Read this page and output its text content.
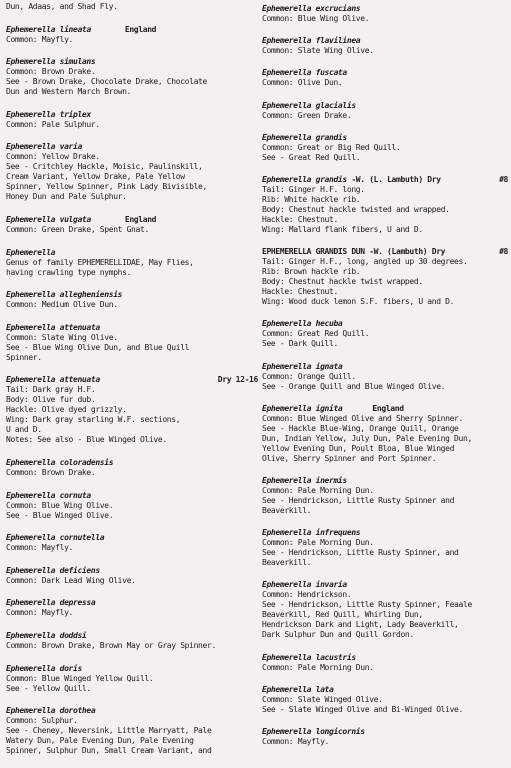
Dun, Adaas, and Shad Fly.
Ephemerella lineata	England
Common: Mayfly.
Ephemerella simulans
Common: Brown Drake.
See - Brown Drake, Chocolate Drake, Chocolate
Dun and Western March Brown.
Ephemerella triplex
Common: Pale Sulphur.
Ephemerella varia
Common: Yellow Drake.
See - Critchley Hackle, Moisic, Paulinskill,
Cream Variant, Yellow Drake, Pale Yellow
Spinner, Yellow Spinner, Pink Lady Bivisible,
Honey Dun and Pale Sulphur.
Ephemerella vulgata	England
Common: Green Drake, Spent Gnat.
Ephemerella
Genus of family EPHEMERELLIDAE, May Flies,
having crawling type nymphs.
Ephemerella allegheniensis
Common: Medium Olive Dun.
Ephemerella attenuata
Common: Slate Wing Olive.
See - Blue Wing Olive Dun, and Blue Quill
Spinner.
Ephemerella attenuata	Dry 12-16
Tail: Dark gray H.F.
Body: Olive fur dub.
Hackle: Olive dyed grizzly.
Wing: Dark gray starling W.F. sections,
U and D.
Notes: See also - Blue Winged Olive.
Ephemerella coloradensis
Common: Brown Drake.
Ephemerella cornuta
Common: Blue Wing Olive.
See - Blue Winged Olive.
Ephemerella cornutella
Common: Mayfly.
Ephemerella deficiens
Common: Dark Lead Wing Olive.
Ephemerella depressa
Common: Mayfly.
Ephemerella doddsi
Common: Brown Drake, Brown May or Gray Spinner.
Ephemerella doris
Common: Blue Winged Yellow Quill.
See - Yellow Quill.
Ephemerella dorothea
Common: Sulphur.
See - Cheney, Neversink, Little Marryatt, Pale
Watery Dun, Pale Evening Dun, Pale Evening
Spinner, Sulphur Dun, Small Cream Variant, and
Ephemerella excrucians
Common: Blue Wing Olive.
Ephemerella flavilinea
Common: Slate Wing Olive.
Ephemerella fuscata
Common: Olive Dun.
Ephemerella glacialis
Common: Green Drake.
Ephemerella grandis
Common: Great or Big Red Quill.
See - Great Red Quill.
Ephemerella grandis -W. (L. Lambuth) Dry	#8
Tail: Ginger H.F. long.
Rib: White hackle rib.
Body: Chestnut hackle twisted and wrapped.
Hackle: Chestnut.
Wing: Mallard flank fibers, U and D.
EPHEMERELLA GRANDIS DUN -W. (Lambuth) Dry	#8
Tail: Ginger H.F., long, angled up 30 degrees.
Rib: Brown hackle rib.
Body: Chestnut hackle twist wrapped.
Hackle: Chestnut.
Wing: Wood duck lemon S.F. fibers, U and D.
Ephemerella hecuba
Common: Great Red Quill.
See - Dark Quill.
Ephemerella ignata
Common: Orange Quill.
See - Orange Quill and Blue Winged Olive.
Ephemerella ignita	England
Common: Blue Winged Olive and Sherry Spinner.
See - Hackle Blue-Wing, Orange Quill, Orange
Dun, Indian Yellow, July Dun, Pale Evening Dun,
Yellow Evening Dun, Poult Bloa, Blue Winged
Olive, Sherry Spinner and Port Spinner.
Ephemerella inermis
Common: Pale Morning Dun.
See - Hendrickson, Little Rusty Spinner and
Beaverkill.
Ephemerella infrequens
Common: Pale Morning Dun.
See - Hendrickson, Little Rusty Spinner, and
Beaverkill.
Ephemerella invaria
Common: Hendrickson.
See - Hendrickson, Little Rusty Spinner, Feaale
Beaverkill, Red Quill, Whirling Dun,
Hendrickson Dark and Light, Lady Beaverkill,
Dark Sulphur Dun and Quill Gordon.
Ephemerella lacustris
Common: Pale Morning Dun.
Ephemerella lata
Common: Slate Winged Olive.
See - Slate Winged Olive and Bi-Winged Olive.
Ephemerella longicornis
Common: Mayfly.
